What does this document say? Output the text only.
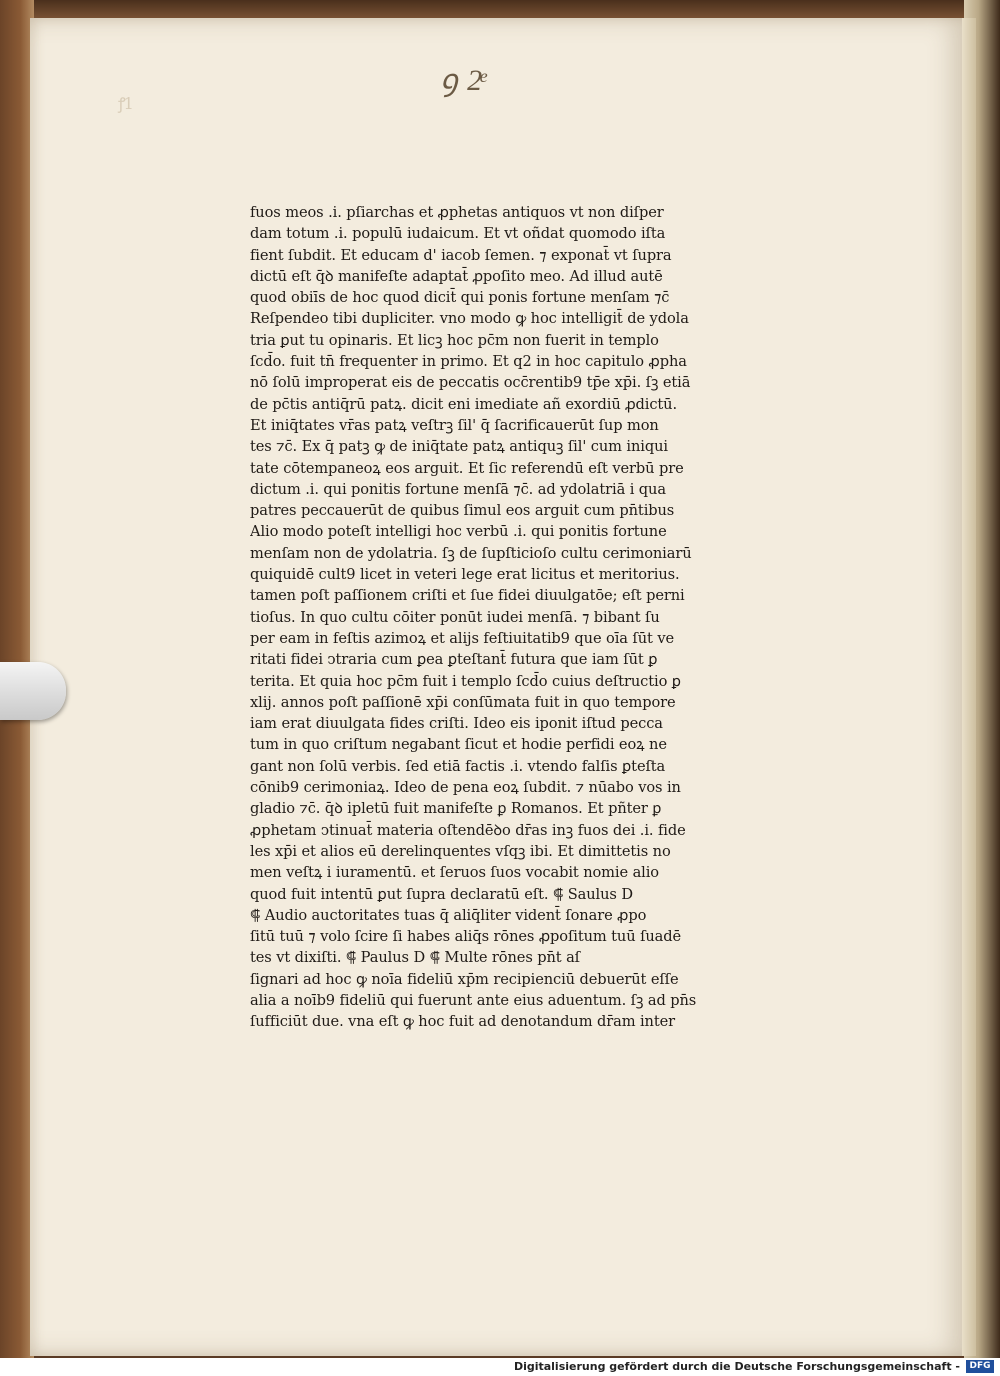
ꝯ 2ͤ
ꝭ1
fuos meos .i. pſiarchas et ꝓphetas antiquos vt non diſper
dam totum .i. populū iudaicum. Et vt oñdat quomodo iſta
fient ſubdit. Et educam d' iacob ſemen. ⁊ exponat̄ vt ſupra
dictū eſt q̄ꝺ manifeſte adaptat̄ ꝓpoſito meo. Ad illud autē
quod obiīs de hoc quod dicit̄ qui ponis fortune menſam ⁊c̄
Reſpendeo tibi dupliciter. vno modo ꝙ hoc intelligit̄ de ydola
tria ꝑut tu opinaris. Et licꝫ hoc pc̄m non fuerit in templo
ſcd̄o. fuit tn̄ frequenter in primo. Et q2 in hoc capitulo ꝓpha
nō ſolū improperat eis de peccatis occ̄rentib9 tp̄e xp̄i. ſꝫ etiā
de pc̄tis antiq̄rū patꝝ. dicit eni imediate añ exordiū ꝓdictū.
Et iniq̄tates vr̄as patꝝ veſtrꝫ ſil' q̄ ſacrificauerūt ſup mon
tes ⁊c̄. Ex q̄ patꝫ ꝙ de iniq̄tate patꝝ antiquꝫ ſil' cum iniqui
tate cōtempaneoꝝ eos arguit. Et ſic referendū eſt verbū pre
dictum .i. qui ponitis fortune menſā ⁊c̄. ad ydolatriā i qua
patres peccauerūt de quibus ſimul eos arguit cum pn̄tibus
Alio modo poteſt intelligi hoc verbū .i. qui ponitis fortune
menſam non de ydolatria. ſꝫ de ſupſticioſo cultu cerimoniarū
quiquidē cult9 licet in veteri lege erat licitus et meritorius.
tamen poſt paſſionem criſti et ſue fidei diuulgatōe; eſt perni
tioſus. In quo cultu cōiter ponūt iudei menſā. ⁊ bibant ſu
per eam in feſtis azimoꝝ et alijs feſtiuitatib9 que oīa ſūt ve
ritati fidei ↄtraria cum ꝑea ꝑteſtant̄ futura que iam ſūt ꝑ
terita. Et quia hoc pc̄m fuit i templo ſcd̄o cuius deſtructio ꝑ
xlij. annos poſt paſſionē xp̄i conſūmata fuit in quo tempore
iam erat diuulgata fides criſti. Ideo eis iponit iſtud pecca
tum in quo criſtum negabant ſicut et hodie perfidi eoꝝ ne
gant non ſolū verbis. ſed etiā factis .i. vtendo falſis ꝑteſta
cōnib9 cerimoniaꝝ. Ideo de pena eoꝝ ſubdit. ⁊ nūabo vos in
gladio ⁊c̄. q̄ꝺ ipletū fuit manifeſte ꝑ Romanos. Et pñter ꝑ
ꝓphetam ↄtinuat̄ materia oſtendēꝺo dr̄as inꝫ fuos dei .i. fide
les xp̄i et alios eū derelinquentes vſqꝫ ibi. Et dimittetis no
men veſtꝝ i iuramentū. et ſeruos ſuos vocabit nomie alio
quod fuit intentū ꝑut ſupra declaratū eſt. ⸿ Saulus D
⸿ Audio auctoritates tuas q̄ aliq̄liter vident̄ ſonare ꝓpo
ſitū tuū ⁊ volo ſcire ſi habes aliq̄s rōnes ꝓpoſitum tuū ſuadē
tes vt dixiſti. ⸿ Paulus D ⸿ Multe rōnes pn̄t aſ
ſignari ad hoc ꝙ noīa fideliū xp̄m recipienciū debuerūt eſſe
alia a noīb9 fideliū qui fuerunt ante eius aduentum. ſꝫ ad pn̄s
ſufficiūt due. vna eſt ꝙ hoc fuit ad denotandum dr̄am inter
Digitalisierung gefördert durch die Deutsche Forschungsgemeinschaft -	DFG
